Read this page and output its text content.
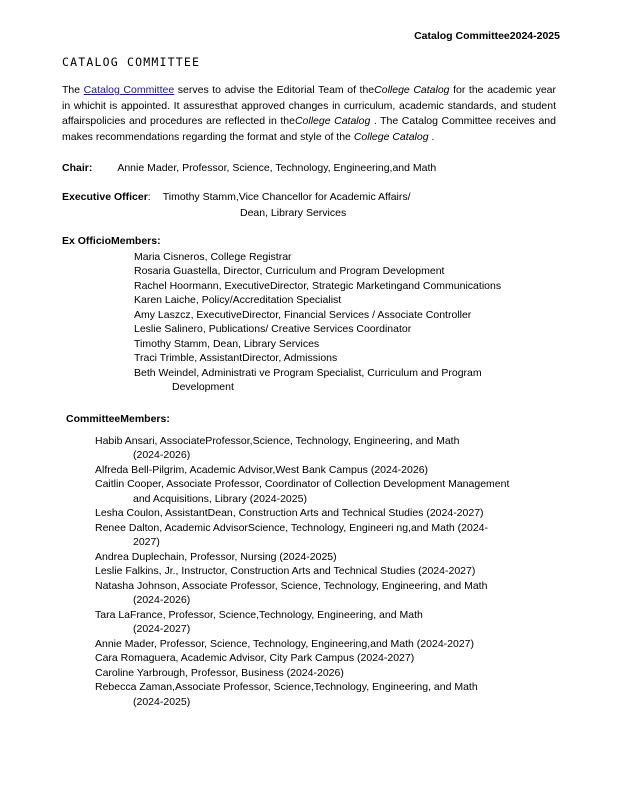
Catalog Committee2024-2025
CATALOG COMMITTEE

The Catalog Committee serves to advise the Editorial Team of theCollege Catalog for the academic year in whichit is appointed. It assuresthat approved changes in curriculum, academic standards, and student affairspolicies and procedures are reflected in theCollege Catalog . The Catalog Committee receives and makes recommendations regarding the format and style of the College Catalog .

Chair: Annie Mader, Professor, Science, Technology, Engineering,and Math
Executive Officer: Timothy Stamm,Vice Chancellor for Academic Affairs/
Dean, Library Services
Ex OfficioMembers:
Maria Cisneros, College Registrar
Rosaria Guastella, Director, Curriculum and Program Development
Rachel Hoormann, ExecutiveDirector, Strategic Marketingand Communications
Karen Laiche, Policy/Accreditation Specialist
Amy Laszcz, ExecutiveDirector, Financial Services / Associate Controller
Leslie Salinero, Publications/ Creative Services Coordinator
Timothy Stamm, Dean, Library Services
Traci Trimble, AssistantDirector, Admissions
Beth Weindel, Administrati ve Program Specialist, Curriculum and Program
Development
CommitteeMembers:
Habib Ansari, AssociateProfessor,Science, Technology, Engineering, and Math
(2024-2026)
Alfreda Bell-Pilgrim, Academic Advisor,West Bank Campus (2024-2026)
Caitlin Cooper, Associate Professor, Coordinator of Collection Development Management
and Acquisitions, Library (2024-2025)
Lesha Coulon, AssistantDean, Construction Arts and Technical Studies (2024-2027)
Renee Dalton, Academic AdvisorScience, Technology, Engineeri ng,and Math (2024-
2027)
Andrea Duplechain, Professor, Nursing (2024-2025)
Leslie Falkins, Jr., Instructor, Construction Arts and Technical Studies (2024-2027)
Natasha Johnson, Associate Professor, Science, Technology, Engineering, and Math
(2024-2026)
Tara LaFrance, Professor, Science,Technology, Engineering, and Math
(2024-2027)
Annie Mader, Professor, Science, Technology, Engineering,and Math (2024-2027)
Cara Romaguera, Academic Advisor, City Park Campus (2024-2027)
Caroline Yarbrough, Professor, Business (2024-2026)
Rebecca Zaman,Associate Professor, Science,Technology, Engineering, and Math
(2024-2025)
